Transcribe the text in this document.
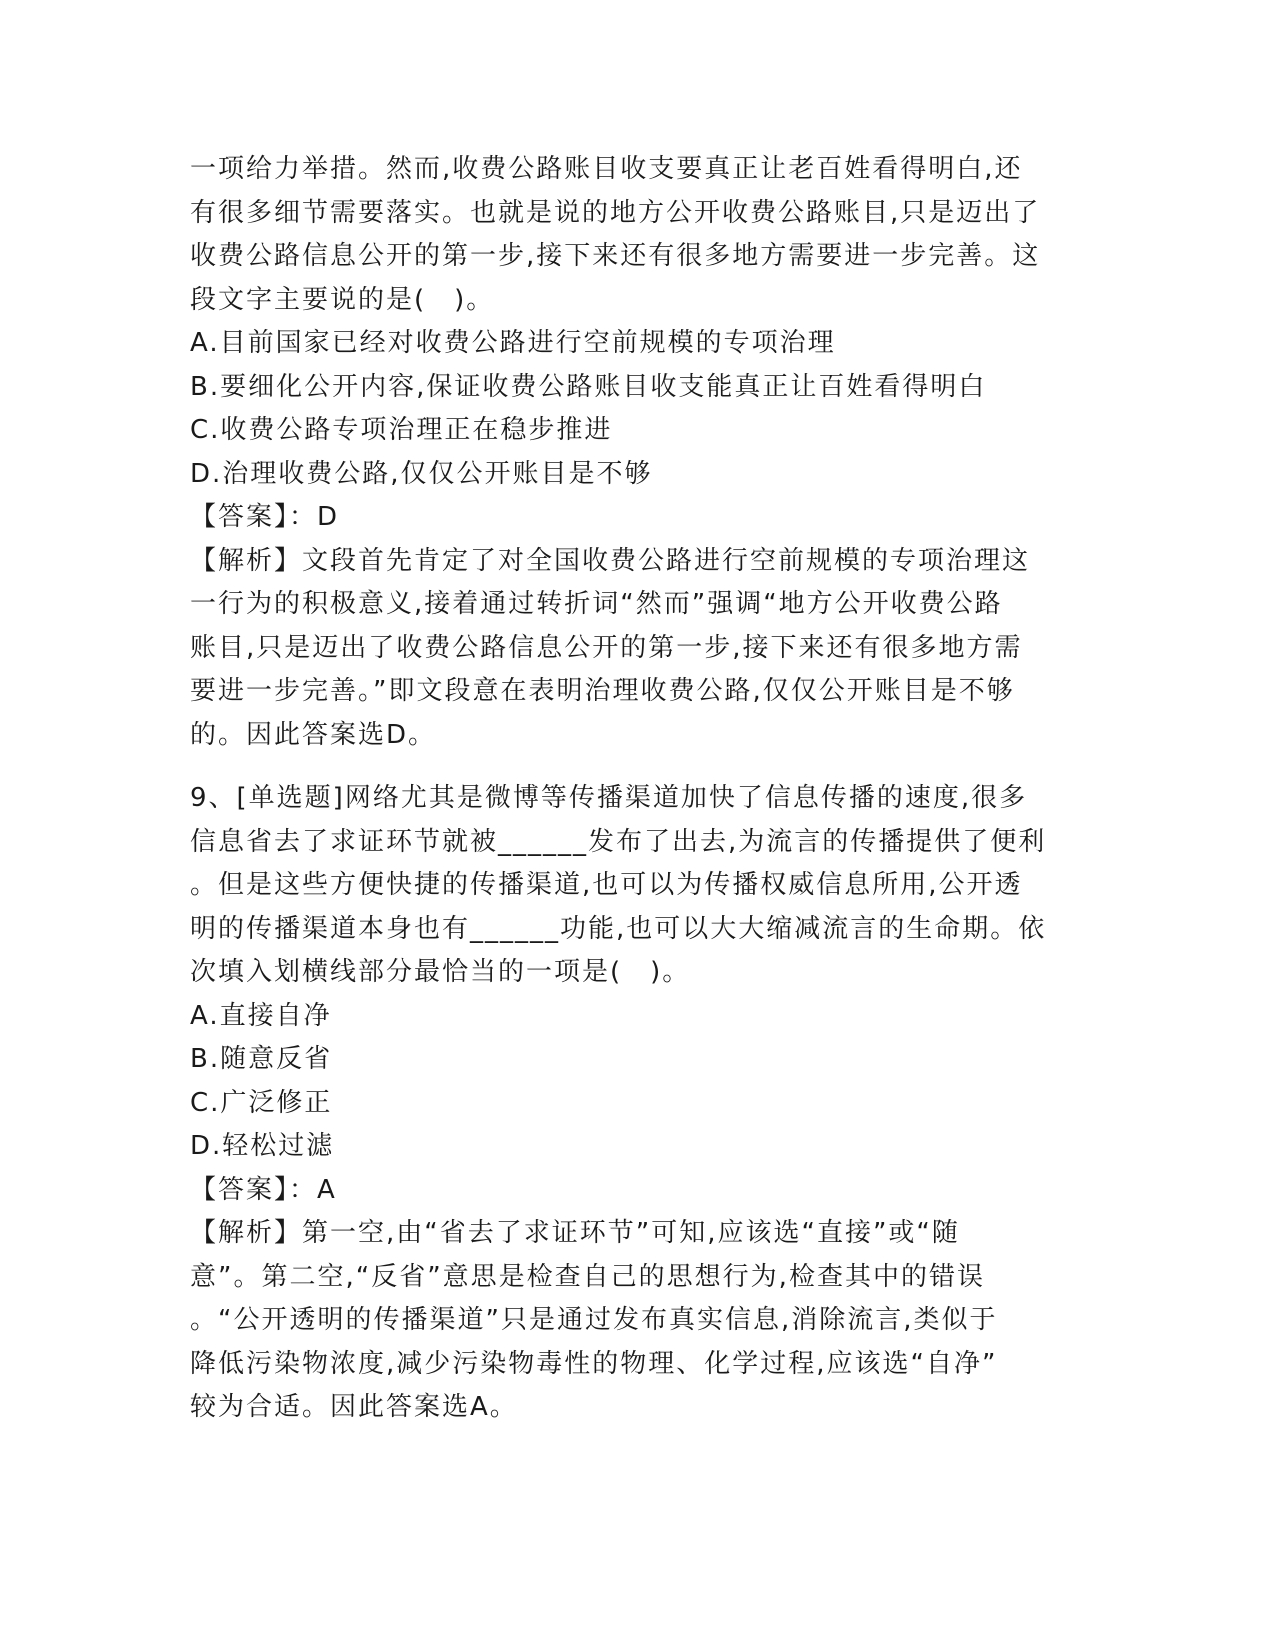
一项给力举措。然而,收费公路账目收支要真正让老百姓看得明白,还
有很多细节需要落实。也就是说的地方公开收费公路账目,只是迈出了
收费公路信息公开的第一步,接下来还有很多地方需要进一步完善。这
段文字主要说的是(　)。
A.目前国家已经对收费公路进行空前规模的专项治理
B.要细化公开内容,保证收费公路账目收支能真正让百姓看得明白
C.收费公路专项治理正在稳步推进
D.治理收费公路,仅仅公开账目是不够
【答案】：D
【解析】文段首先肯定了对全国收费公路进行空前规模的专项治理这
一行为的积极意义,接着通过转折词“然而”强调“地方公开收费公路
账目,只是迈出了收费公路信息公开的第一步,接下来还有很多地方需
要进一步完善。”即文段意在表明治理收费公路,仅仅公开账目是不够
的。因此答案选D。
9、[单选题]网络尤其是微博等传播渠道加快了信息传播的速度,很多
信息省去了求证环节就被______发布了出去,为流言的传播提供了便利
。但是这些方便快捷的传播渠道,也可以为传播权威信息所用,公开透
明的传播渠道本身也有______功能,也可以大大缩减流言的生命期。依
次填入划横线部分最恰当的一项是(　)。
A.直接自净
B.随意反省
C.广泛修正
D.轻松过滤
【答案】：A
【解析】第一空,由“省去了求证环节”可知,应该选“直接”或“随
意”。第二空,“反省”意思是检查自己的思想行为,检查其中的错误
。“公开透明的传播渠道”只是通过发布真实信息,消除流言,类似于
降低污染物浓度,减少污染物毒性的物理、化学过程,应该选“自净”
较为合适。因此答案选A。
